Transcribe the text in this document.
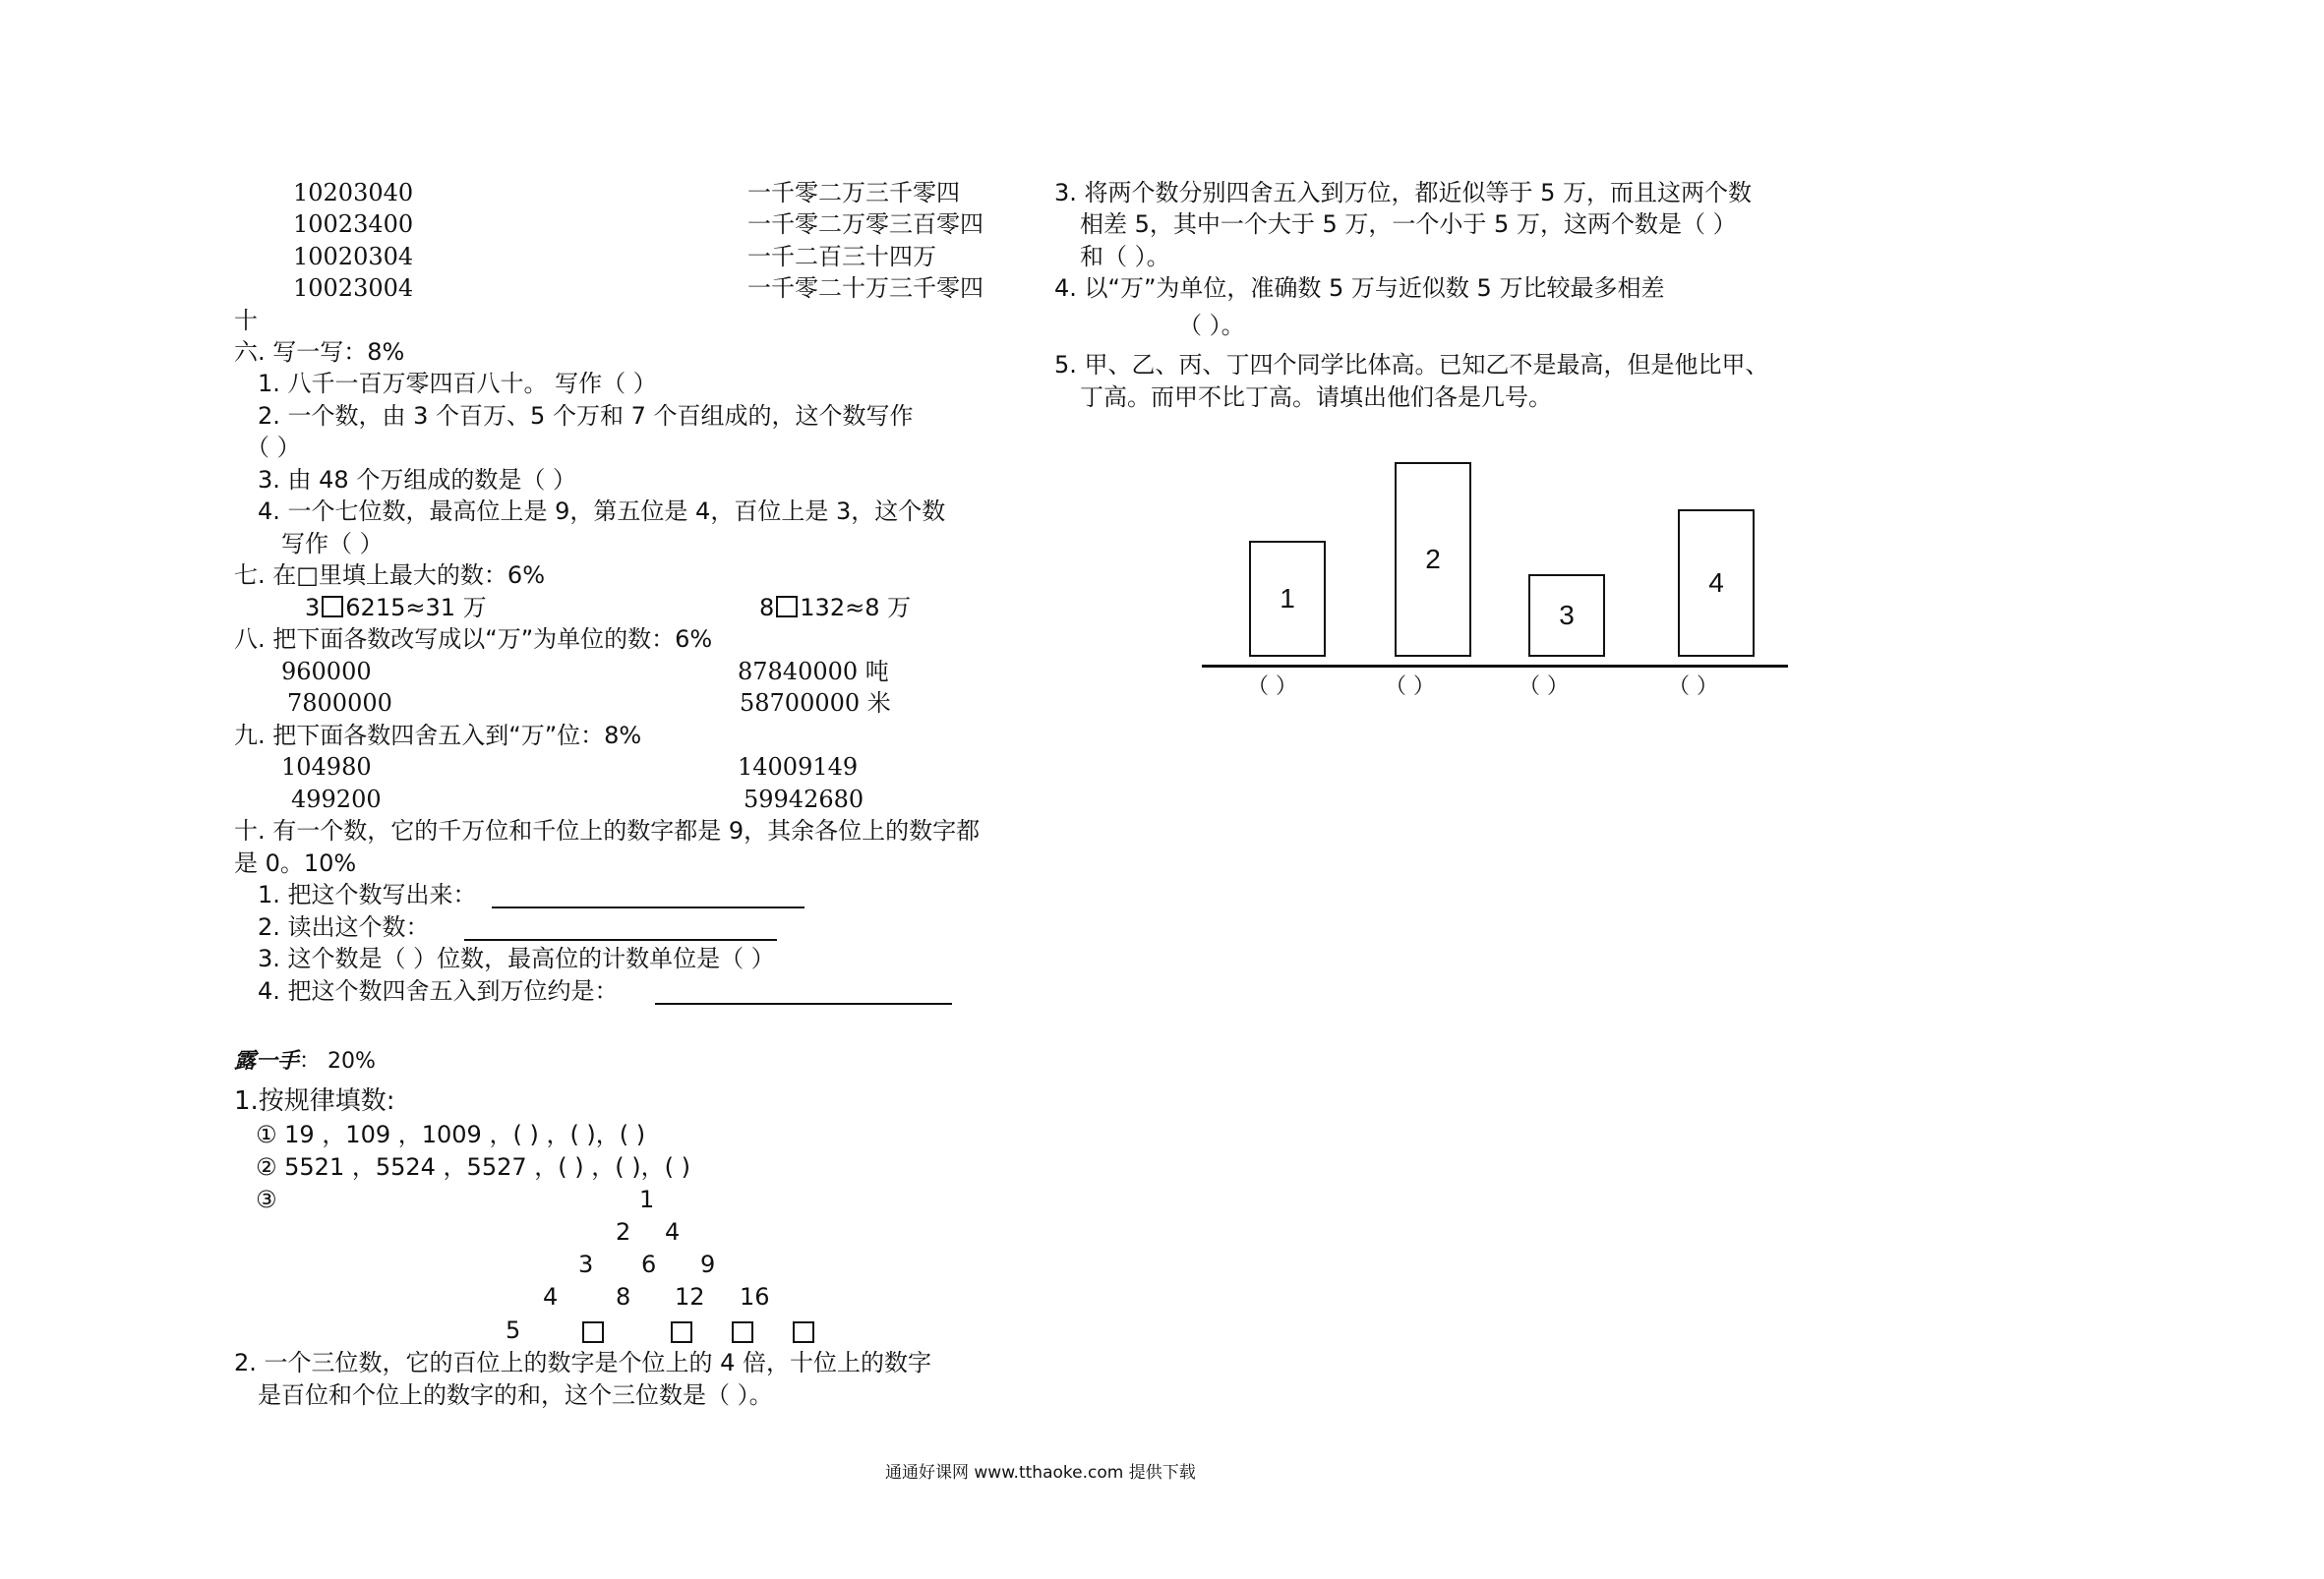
10203040	一千零二万三千零四
10023400	一千零二万零三百零四
10020304	一千二百三十四万
10023004	一千零二十万三千零四
十
六. 写一写：8%
1. 八千一百万零四百八十。 写作（ ）
2. 一个数，由 3 个百万、5 个万和 7 个百组成的，这个数写作
（ ）
3. 由 48 个万组成的数是（ ）
4. 一个七位数，最高位上是 9，第五位是 4，百位上是 3，这个数
写作（ ）
七. 在□里填上最大的数：6%
3 6215≈31 万	8 132≈8 万
八. 把下面各数改写成以“万”为单位的数：6%
960000	87840000 吨
7800000	58700000 米
九. 把下面各数四舍五入到“万”位：8%
104980	14009149
499200	59942680
十. 有一个数，它的千万位和千位上的数字都是 9，其余各位上的数字都
是 0。10%
1. 把这个数写出来：
2. 读出这个数：
3. 这个数是（ ）位数，最高位的计数单位是（ ）
4. 把这个数四舍五入到万位约是：
露一手： 20%
1.按规律填数:
① 19 ，109 ，1009 ，( ) ，( )，( )
② 5521 ，5524 ，5527 ，( ) ，( )，( )
③	1
2 4
3 6 9
4 8 12 16
5
2. 一个三位数，它的百位上的数字是个位上的 4 倍，十位上的数字
是百位和个位上的数字的和，这个三位数是（ ）。
3. 将两个数分别四舍五入到万位，都近似等于 5 万，而且这两个数
相差 5，其中一个大于 5 万，一个小于 5 万，这两个数是（ ）
和（ ）。
4. 以“万”为单位，准确数 5 万与近似数 5 万比较最多相差
（ ）。
5. 甲、乙、丙、丁四个同学比体高。已知乙不是最高，但是他比甲、
丁高。而甲不比丁高。请填出他们各是几号。
1
2
3
4
（ ）	（ ）	（ ）	（ ）
通通好课网 www.tthaoke.com 提供下载
